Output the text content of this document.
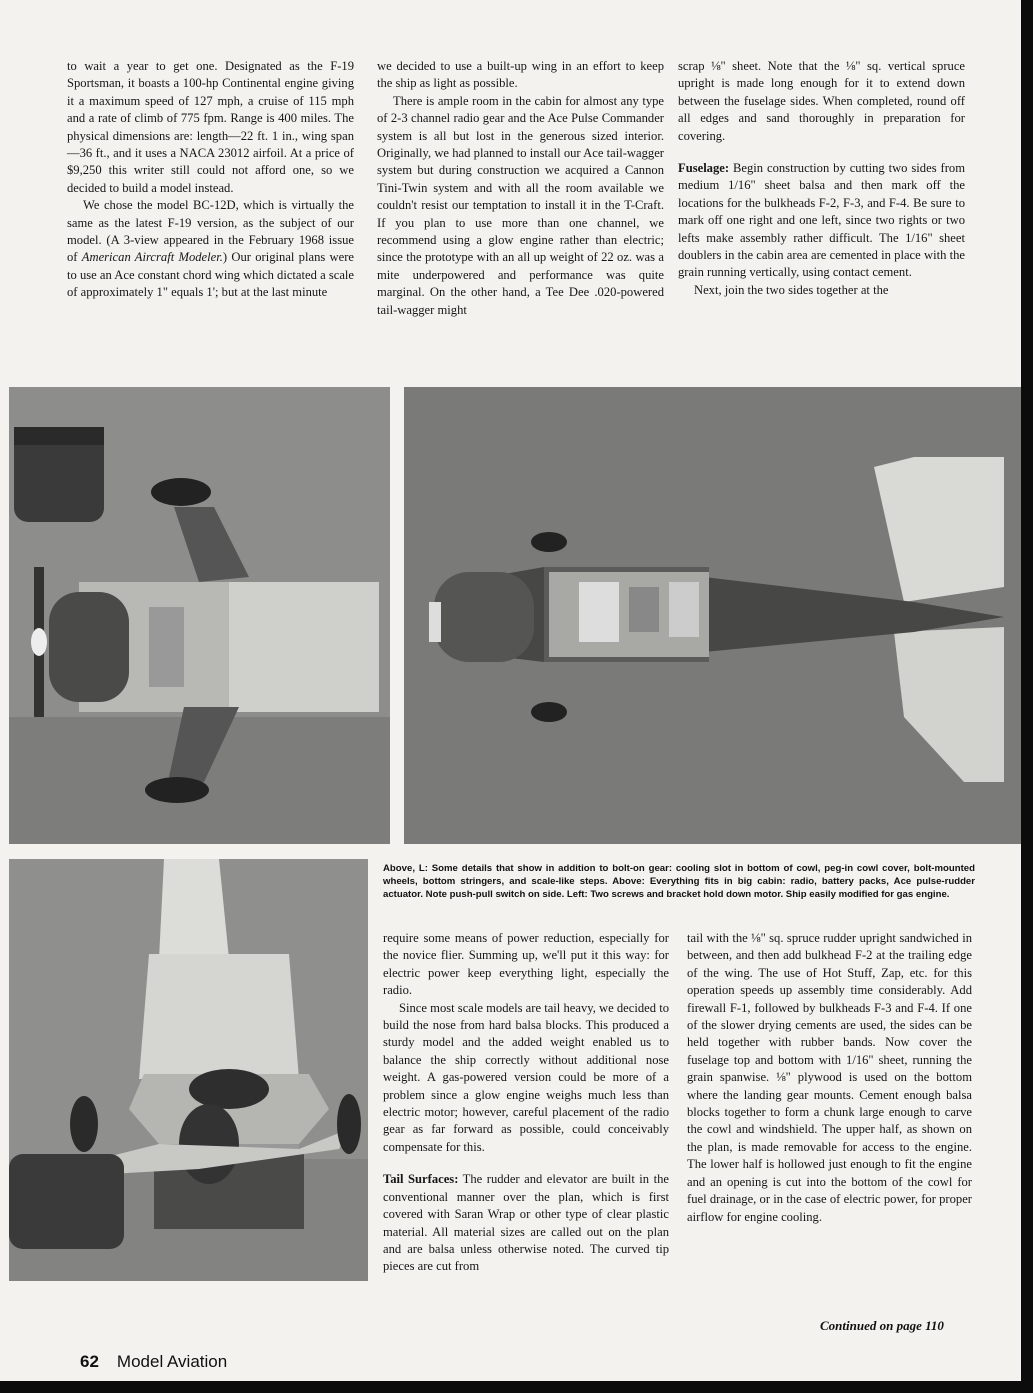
to wait a year to get one. Designated as the F-19 Sportsman, it boasts a 100-hp Continental engine giving it a maximum speed of 127 mph, a cruise of 115 mph and a rate of climb of 775 fpm. Range is 400 miles. The physical dimensions are: length—22 ft. 1 in., wing span—36 ft., and it uses a NACA 23012 airfoil. At a price of $9,250 this writer still could not afford one, so we decided to build a model instead.

We chose the model BC-12D, which is virtually the same as the latest F-19 version, as the subject of our model. (A 3-view appeared in the February 1968 issue of American Aircraft Modeler.) Our original plans were to use an Ace constant chord wing which dictated a scale of approximately 1" equals 1'; but at the last minute

we decided to use a built-up wing in an effort to keep the ship as light as possible.

There is ample room in the cabin for almost any type of 2-3 channel radio gear and the Ace Pulse Commander system is all but lost in the generous sized interior. Originally, we had planned to install our Ace tail-wagger system but during construction we acquired a Cannon Tini-Twin system and with all the room available we couldn't resist our temptation to install it in the T-Craft. If you plan to use more than one channel, we recommend using a glow engine rather than electric; since the prototype with an all up weight of 22 oz. was a mite underpowered and performance was quite marginal. On the other hand, a Tee Dee .020-powered tail-wagger might

scrap ⅛" sheet. Note that the ⅛" sq. vertical spruce upright is made long enough for it to extend down between the fuselage sides. When completed, round off all edges and sand thoroughly in preparation for covering.

Fuselage: Begin construction by cutting two sides from medium 1/16" sheet balsa and then mark off the locations for the bulkheads F-2, F-3, and F-4. Be sure to mark off one right and one left, since two rights or two lefts make assembly rather difficult. The 1/16" sheet doublers in the cabin area are cemented in place with the grain running vertically, using contact cement.

Next, join the two sides together at the

Above, L: Some details that show in addition to bolt-on gear: cooling slot in bottom of cowl, peg-in cowl cover, bolt-mounted wheels, bottom stringers, and scale-like steps. Above: Everything fits in big cabin: radio, battery packs, Ace pulse-rudder actuator. Note push-pull switch on side. Left: Two screws and bracket hold down motor. Ship easily modified for gas engine.

require some means of power reduction, especially for the novice flier. Summing up, we'll put it this way: for electric power keep everything light, especially the radio.

Since most scale models are tail heavy, we decided to build the nose from hard balsa blocks. This produced a sturdy model and the added weight enabled us to balance the ship correctly without additional nose weight. A gas-powered version could be more of a problem since a glow engine weighs much less than electric motor; however, careful placement of the radio gear as far forward as possible, could conceivably compensate for this.

Tail Surfaces: The rudder and elevator are built in the conventional manner over the plan, which is first covered with Saran Wrap or other type of clear plastic material. All material sizes are called out on the plan and are balsa unless otherwise noted. The curved tip pieces are cut from

tail with the ⅛" sq. spruce rudder upright sandwiched in between, and then add bulkhead F-2 at the trailing edge of the wing. The use of Hot Stuff, Zap, etc. for this operation speeds up assembly time considerably. Add firewall F-1, followed by bulkheads F-3 and F-4. If one of the slower drying cements are used, the sides can be held together with rubber bands. Now cover the fuselage top and bottom with 1/16" sheet, running the grain spanwise. ⅛" plywood is used on the bottom where the landing gear mounts. Cement enough balsa blocks together to form a chunk large enough to carve the cowl and windshield. The upper half, as shown on the plan, is made removable for access to the engine. The lower half is hollowed just enough to fit the engine and an opening is cut into the bottom of the cowl for fuel drainage, or in the case of electric power, for proper airflow for engine cooling.

Continued on page 110
62 Model Aviation
